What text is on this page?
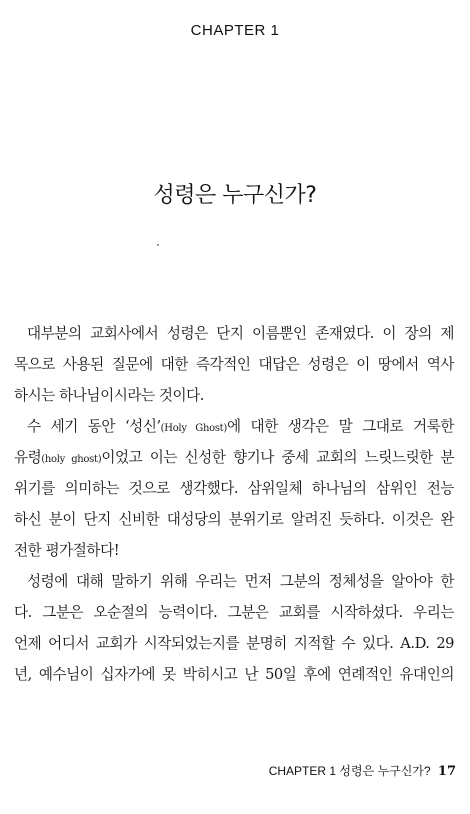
CHAPTER 1
성령은 누구신가?
대부분의 교회사에서 성령은 단지 이름뿐인 존재였다. 이 장의 제
목으로 사용된 질문에 대한 즉각적인 대답은 성령은 이 땅에서 역사
하시는 하나님이시라는 것이다.
수 세기 동안 ‘성신’(Holy Ghost)에 대한 생각은 말 그대로 거룩한
유령(holy ghost)이었고 이는 신성한 향기나 중세 교회의 느릿느릿한 분
위기를 의미하는 것으로 생각했다. 삼위일체 하나님의 삼위인 전능
하신 분이 단지 신비한 대성당의 분위기로 알려진 듯하다. 이것은 완
전한 평가절하다!
성령에 대해 말하기 위해 우리는 먼저 그분의 정체성을 알아야 한
다. 그분은 오순절의 능력이다. 그분은 교회를 시작하셨다. 우리는
언제 어디서 교회가 시작되었는지를 분명히 지적할 수 있다. A.D. 29
년, 예수님이 십자가에 못 박히시고 난 50일 후에 연례적인 유대인의
CHAPTER 1 성령은 누구신가? 17
